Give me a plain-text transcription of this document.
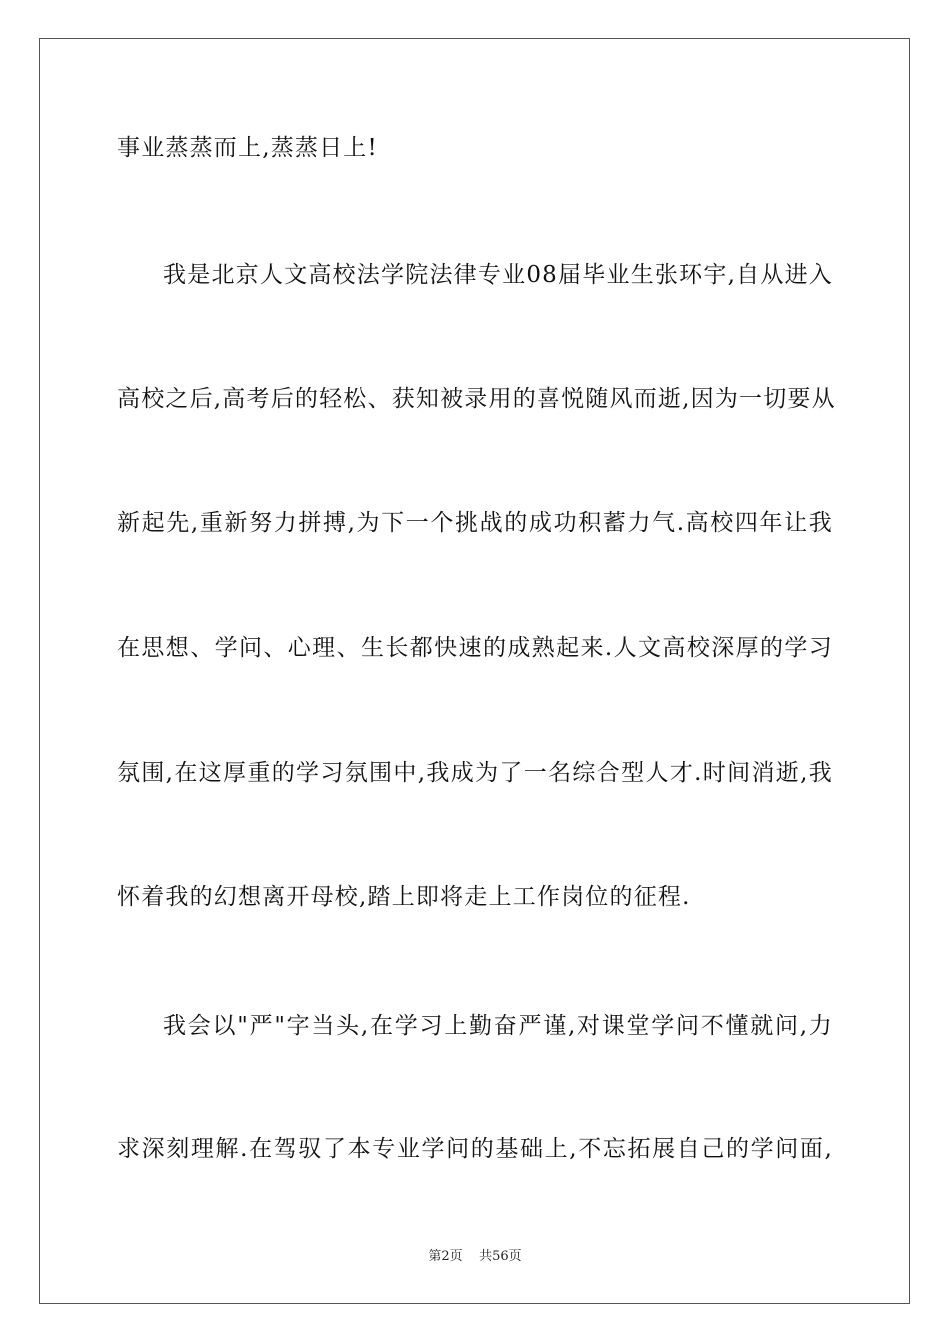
事业蒸蒸而上,蒸蒸日上!
我是北京人文高校法学院法律专业08届毕业生张环宇,自从进入
高校之后,高考后的轻松、获知被录用的喜悦随风而逝,因为一切要从
新起先,重新努力拼搏,为下一个挑战的成功积蓄力气.高校四年让我
在思想、学问、心理、生长都快速的成熟起来.人文高校深厚的学习
氛围,在这厚重的学习氛围中,我成为了一名综合型人才.时间消逝,我
怀着我的幻想离开母校,踏上即将走上工作岗位的征程.
我会以"严"字当头,在学习上勤奋严谨,对课堂学问不懂就问,力
求深刻理解.在驾驭了本专业学问的基础上,不忘拓展自己的学问面,
第2页    共56页
